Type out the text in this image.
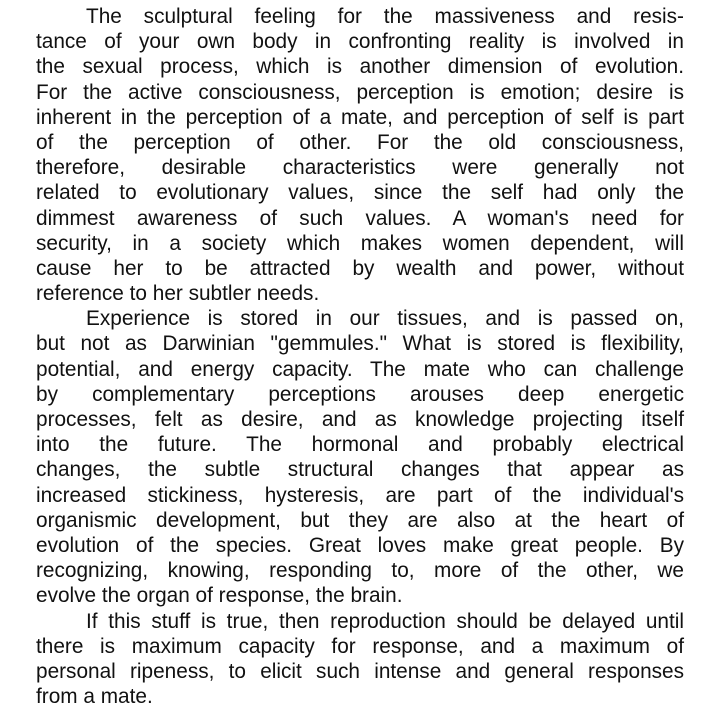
The sculptural feeling for the massiveness and resis-
tance of your own body in confronting reality is involved in
the sexual process, which is another dimension of evolution.
For the active consciousness, perception is emotion; desire is
inherent in the perception of a mate, and perception of self is part
of the perception of other. For the old consciousness,
therefore, desirable characteristics were generally not
related to evolutionary values, since the self had only the
dimmest awareness of such values. A woman's need for
security, in a society which makes women dependent, will
cause her to be attracted by wealth and power, without
reference to her subtler needs.

Experience is stored in our tissues, and is passed on,
but not as Darwinian "gemmules." What is stored is flexibility,
potential, and energy capacity. The mate who can challenge
by complementary perceptions arouses deep energetic
processes, felt as desire, and as knowledge projecting itself
into the future. The hormonal and probably electrical
changes, the subtle structural changes that appear as
increased stickiness, hysteresis, are part of the individual's
organismic development, but they are also at the heart of
evolution of the species. Great loves make great people. By
recognizing, knowing, responding to, more of the other, we
evolve the organ of response, the brain.

If this stuff is true, then reproduction should be delayed until
there is maximum capacity for response, and a maximum of
personal ripeness, to elicit such intense and general responses
from a mate.
